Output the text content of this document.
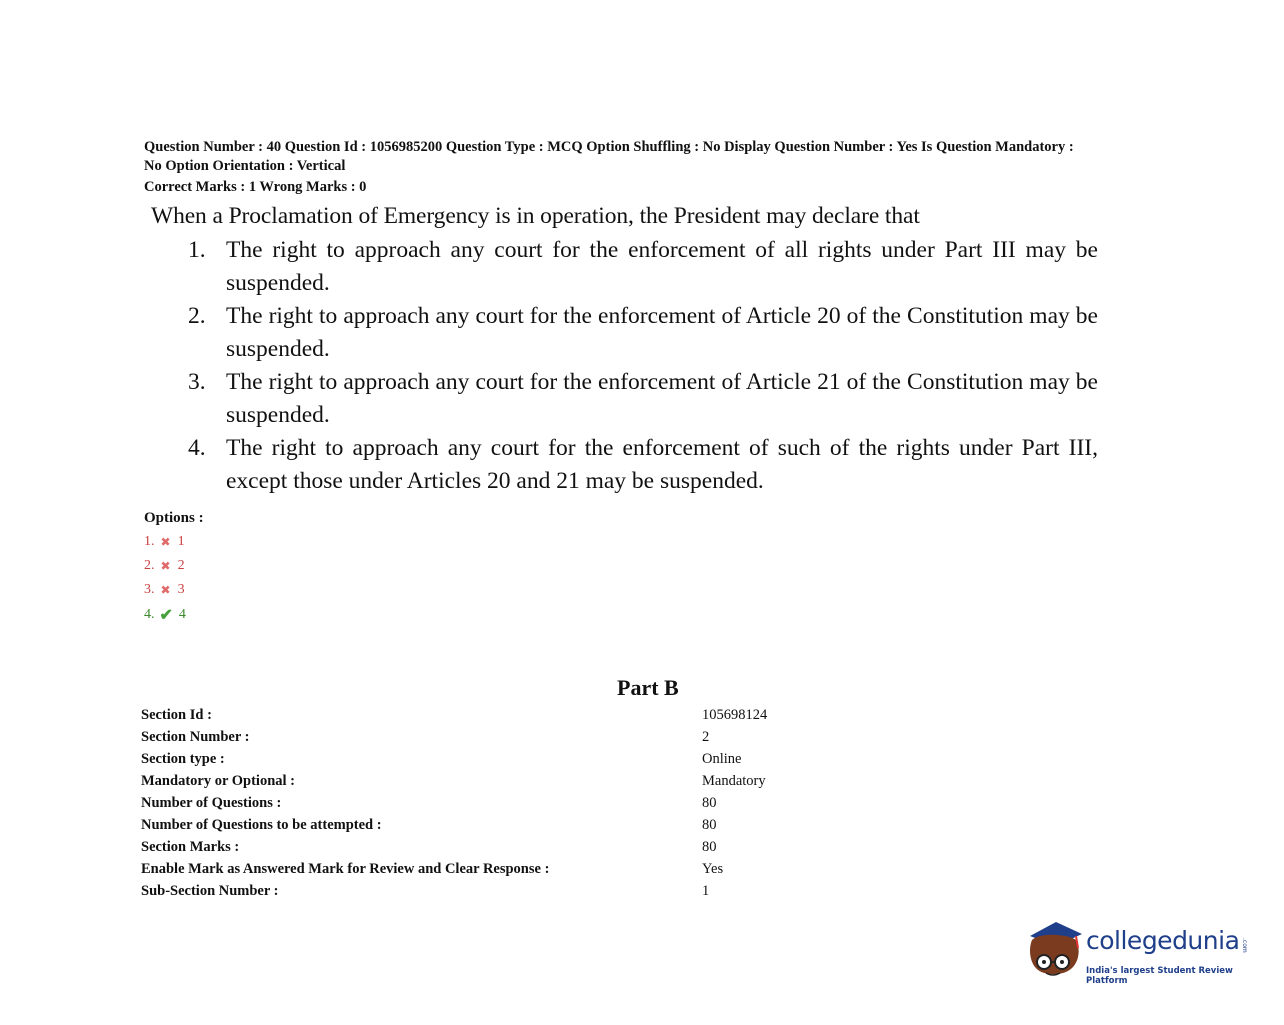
Question Number : 40 Question Id : 1056985200 Question Type : MCQ Option Shuffling : No Display Question Number : Yes Is Question Mandatory : No Option Orientation : Vertical
Correct Marks : 1 Wrong Marks : 0
When a Proclamation of Emergency is in operation, the President may declare that
1. The right to approach any court for the enforcement of all rights under Part III may be suspended.
2. The right to approach any court for the enforcement of Article 20 of the Constitution may be suspended.
3. The right to approach any court for the enforcement of Article 21 of the Constitution may be suspended.
4. The right to approach any court for the enforcement of such of the rights under Part III, except those under Articles 20 and 21 may be suspended.
Options :
1. ✖ 1
2. ✖ 2
3. ✖ 3
4. ✔ 4
Part B
Section Id :	105698124
Section Number :	2
Section type :	Online
Mandatory or Optional :	Mandatory
Number of Questions :	80
Number of Questions to be attempted :	80
Section Marks :	80
Enable Mark as Answered Mark for Review and Clear Response :	Yes
Sub-Section Number :	1
collegedunia .com
India's largest Student Review Platform
